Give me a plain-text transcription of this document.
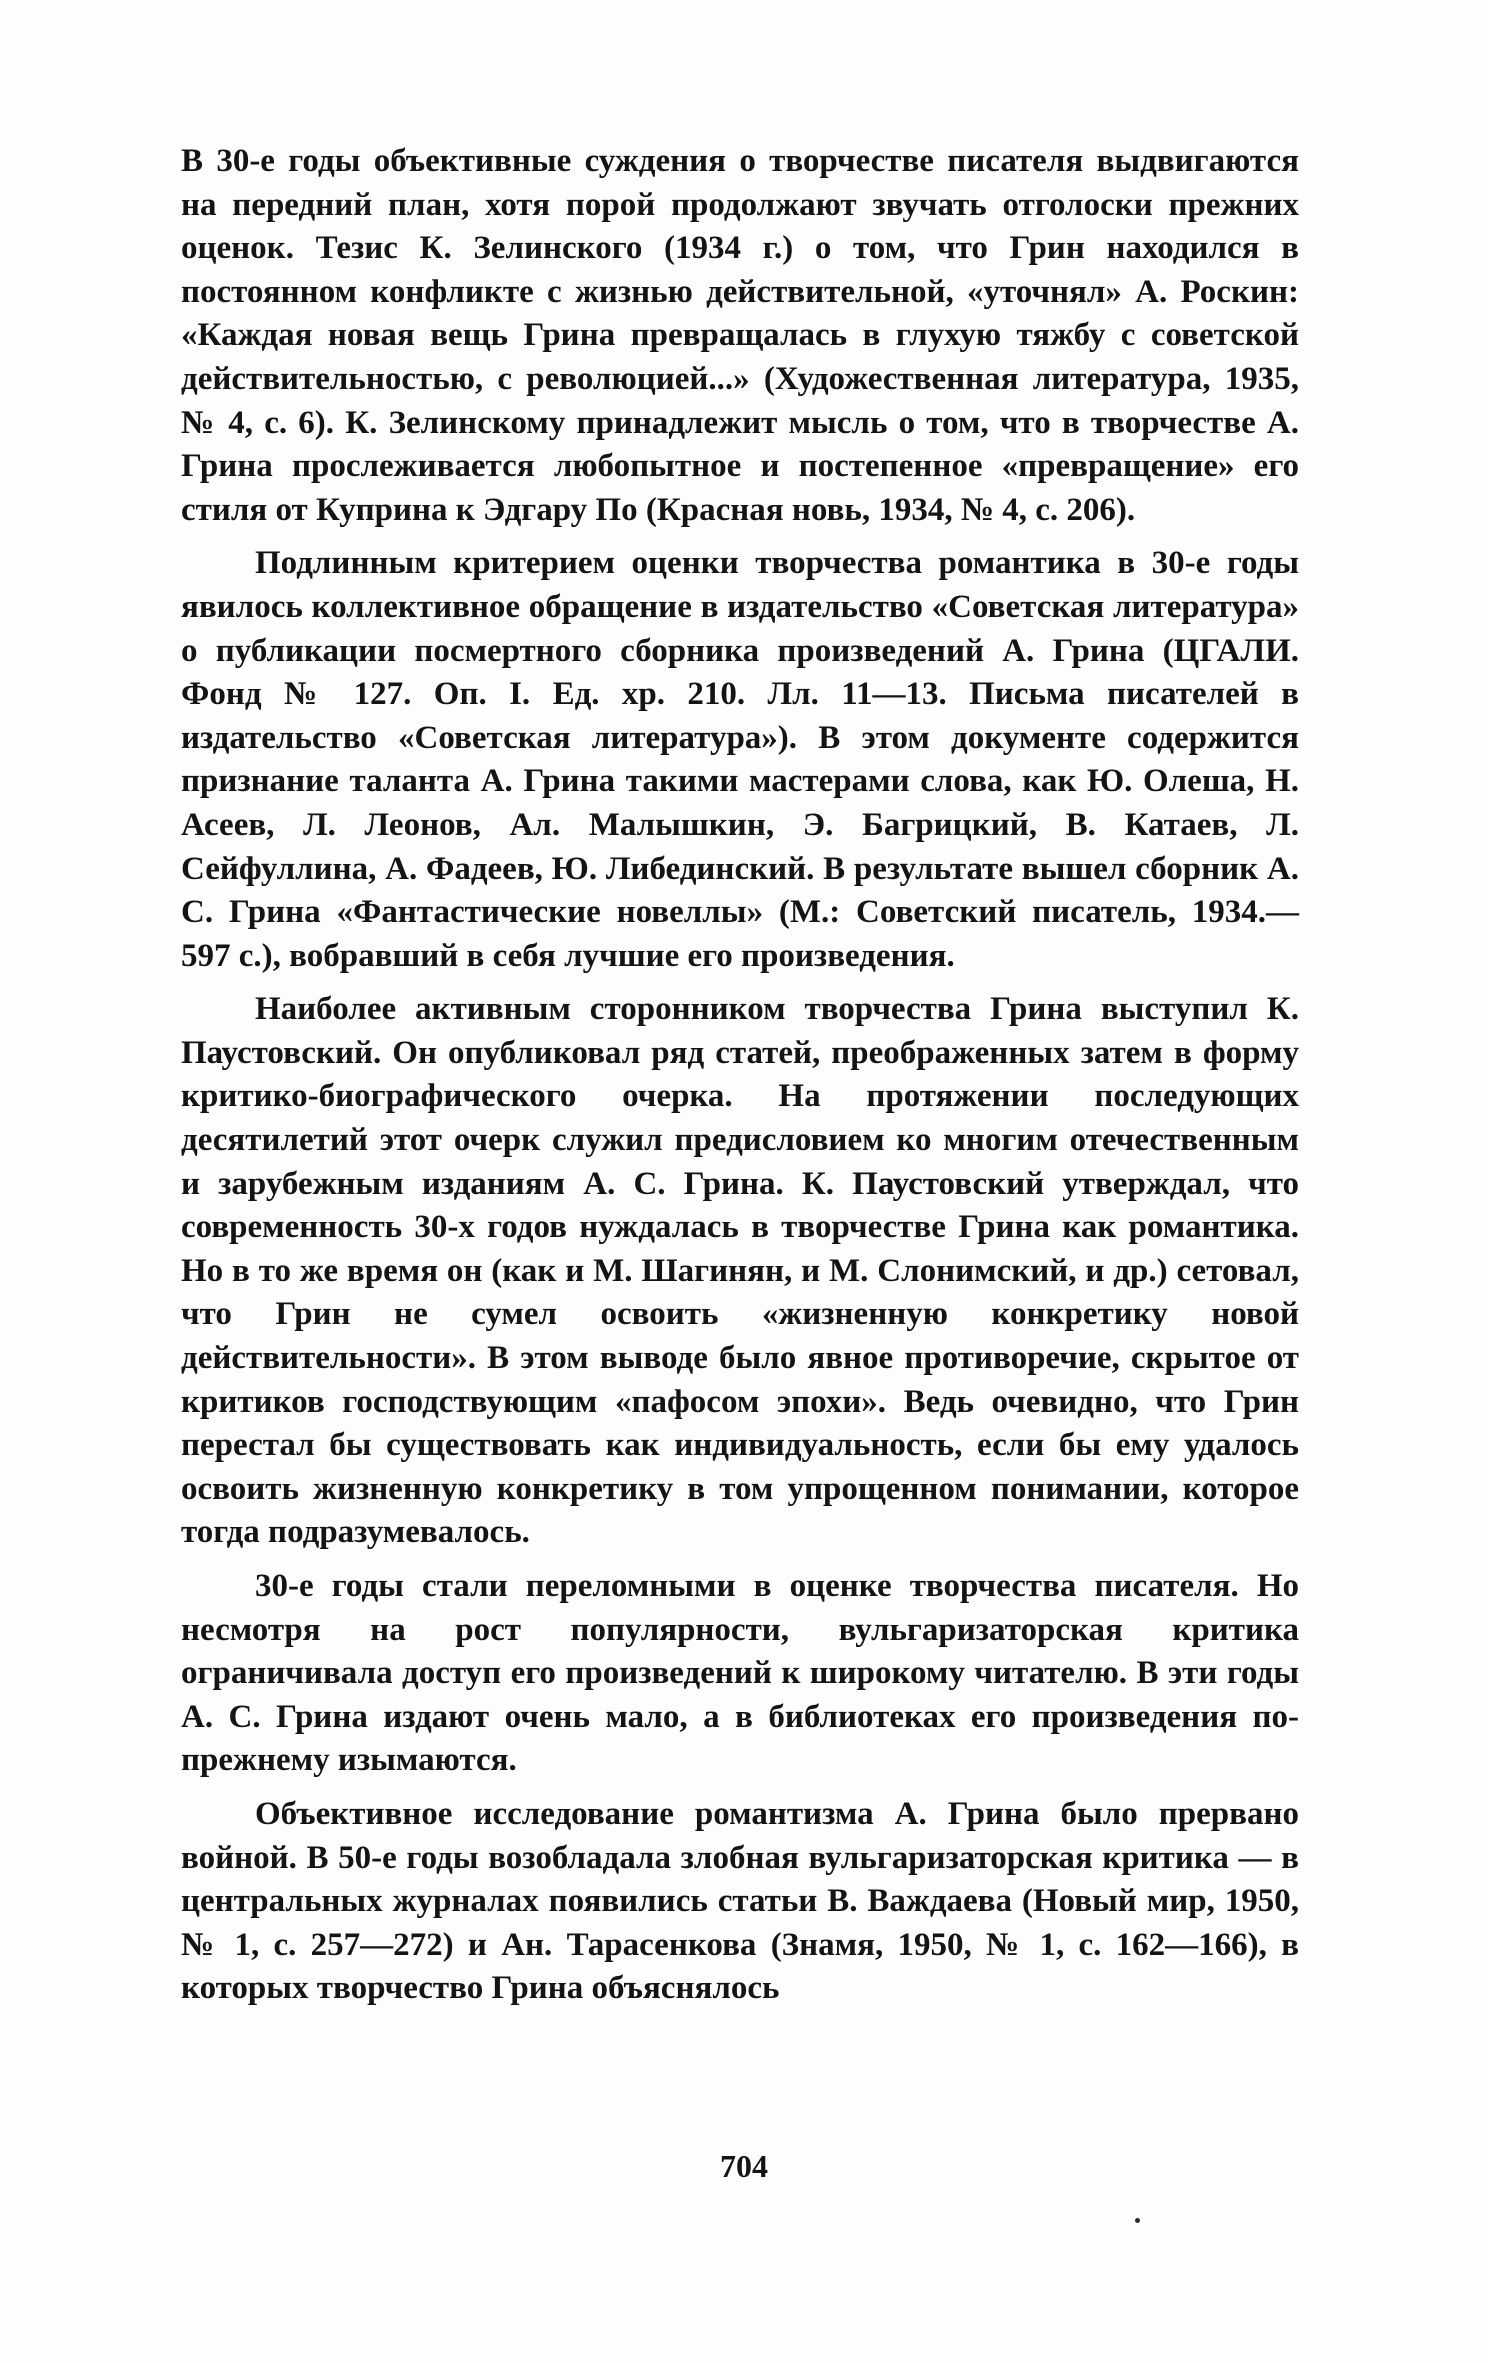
В 30-е годы объективные суждения о творчестве писателя выдвигаются на передний план, хотя порой продолжают звучать отголоски прежних оценок. Тезис К. Зелинского (1934 г.) о том, что Грин находился в постоянном конфликте с жизнью действительной, «уточнял» А. Роскин: «Каждая новая вещь Грина превращалась в глухую тяжбу с советской действительностью, с революцией...» (Художественная литература, 1935, № 4, с. 6). К. Зелинскому принадлежит мысль о том, что в творчестве А. Грина прослеживается любопытное и постепенное «превращение» его стиля от Куприна к Эдгару По (Красная новь, 1934, № 4, с. 206).

Подлинным критерием оценки творчества романтика в 30-е годы явилось коллективное обращение в издательство «Советская литература» о публикации посмертного сборника произведений А. Грина (ЦГАЛИ. Фонд № 127. Оп. I. Ед. хр. 210. Лл. 11—13. Письма писателей в издательство «Советская литература»). В этом документе содержится признание таланта А. Грина такими мастерами слова, как Ю. Олеша, Н. Асеев, Л. Леонов, Ал. Малышкин, Э. Багрицкий, В. Катаев, Л. Сейфуллина, А. Фадеев, Ю. Либединский. В результате вышел сборник А. С. Грина «Фантастические новеллы» (М.: Советский писатель, 1934.— 597 с.), вобравший в себя лучшие его произведения.

Наиболее активным сторонником творчества Грина выступил К. Паустовский. Он опубликовал ряд статей, преображенных затем в форму критико-биографического очерка. На протяжении последующих десятилетий этот очерк служил предисловием ко многим отечественным и зарубежным изданиям А. С. Грина. К. Паустовский утверждал, что современность 30-х годов нуждалась в творчестве Грина как романтика. Но в то же время он (как и М. Шагинян, и М. Слонимский, и др.) сетовал, что Грин не сумел освоить «жизненную конкретику новой действительности». В этом выводе было явное противоречие, скрытое от критиков господствующим «пафосом эпохи». Ведь очевидно, что Грин перестал бы существовать как индивидуальность, если бы ему удалось освоить жизненную конкретику в том упрощенном понимании, которое тогда подразумевалось.

30-е годы стали переломными в оценке творчества писателя. Но несмотря на рост популярности, вульгаризаторская критика ограничивала доступ его произведений к широкому читателю. В эти годы А. С. Грина издают очень мало, а в библиотеках его произведения по-прежнему изымаются.

Объективное исследование романтизма А. Грина было прервано войной. В 50-е годы возобладала злобная вульгаризаторская критика — в центральных журналах появились статьи В. Важдаева (Новый мир, 1950, № 1, с. 257—272) и Ан. Тарасенкова (Знамя, 1950, № 1, с. 162—166), в которых творчество Грина объяснялось

704
